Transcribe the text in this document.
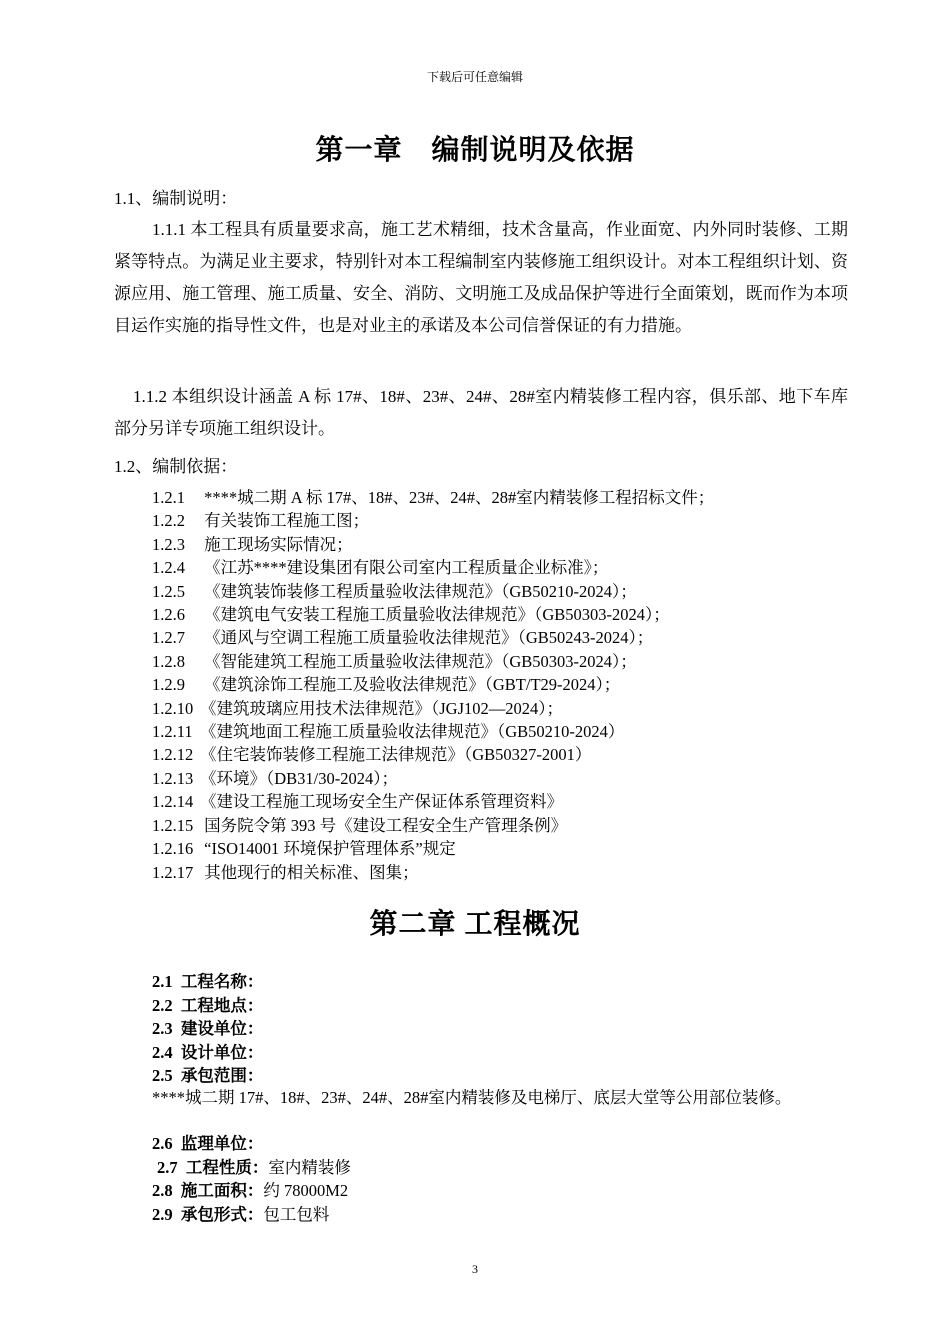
下载后可任意编辑
第一章　编制说明及依据
1.1、编制说明：

1.1.1 本工程具有质量要求高，施工艺术精细，技术含量高，作业面宽、内外同时装修、工期紧等特点。为满足业主要求，特别针对本工程编制室内装修施工组织设计。对本工程组织计划、资源应用、施工管理、施工质量、安全、消防、文明施工及成品保护等进行全面策划，既而作为本项目运作实施的指导性文件，也是对业主的承诺及本公司信誉保证的有力措施。

1.1.2 本组织设计涵盖 A 标 17#、18#、23#、24#、28#室内精装修工程内容，俱乐部、地下车库部分另详专项施工组织设计。

1.2、编制依据：
1.2.1 ****城二期 A 标 17#、18#、23#、24#、28#室内精装修工程招标文件；
1.2.2 有关装饰工程施工图；
1.2.3 施工现场实际情况；
1.2.4 《江苏****建设集团有限公司室内工程质量企业标准》；
1.2.5 《建筑装饰装修工程质量验收法律规范》（GB50210-2024）；
1.2.6 《建筑电气安装工程施工质量验收法律规范》（GB50303-2024）；
1.2.7 《通风与空调工程施工质量验收法律规范》（GB50243-2024）；
1.2.8 《智能建筑工程施工质量验收法律规范》（GB50303-2024）；
1.2.9 《建筑涂饰工程施工及验收法律规范》（GBT/T29-2024）；
1.2.10 《建筑玻璃应用技术法律规范》（JGJ102—2024）；
1.2.11 《建筑地面工程施工质量验收法律规范》（GB50210-2024）
1.2.12 《住宅装饰装修工程施工法律规范》（GB50327-2001）
1.2.13 《环境》（DB31/30-2024）；
1.2.14 《建设工程施工现场安全生产保证体系管理资料》
1.2.15 国务院令第 393 号《建设工程安全生产管理条例》
1.2.16 “ISO14001 环境保护管理体系”规定
1.2.17 其他现行的相关标准、图集；
第二章 工程概况
2.1 工程名称：
2.2 工程地点：
2.3 建设单位：
2.4 设计单位：
2.5 承包范围：

****城二期 17#、18#、23#、24#、28#室内精装修及电梯厅、底层大堂等公用部位装修。

2.6 监理单位：
2.7 工程性质：室内精装修
2.8 施工面积：约 78000M2
2.9 承包形式：包工包料
3
